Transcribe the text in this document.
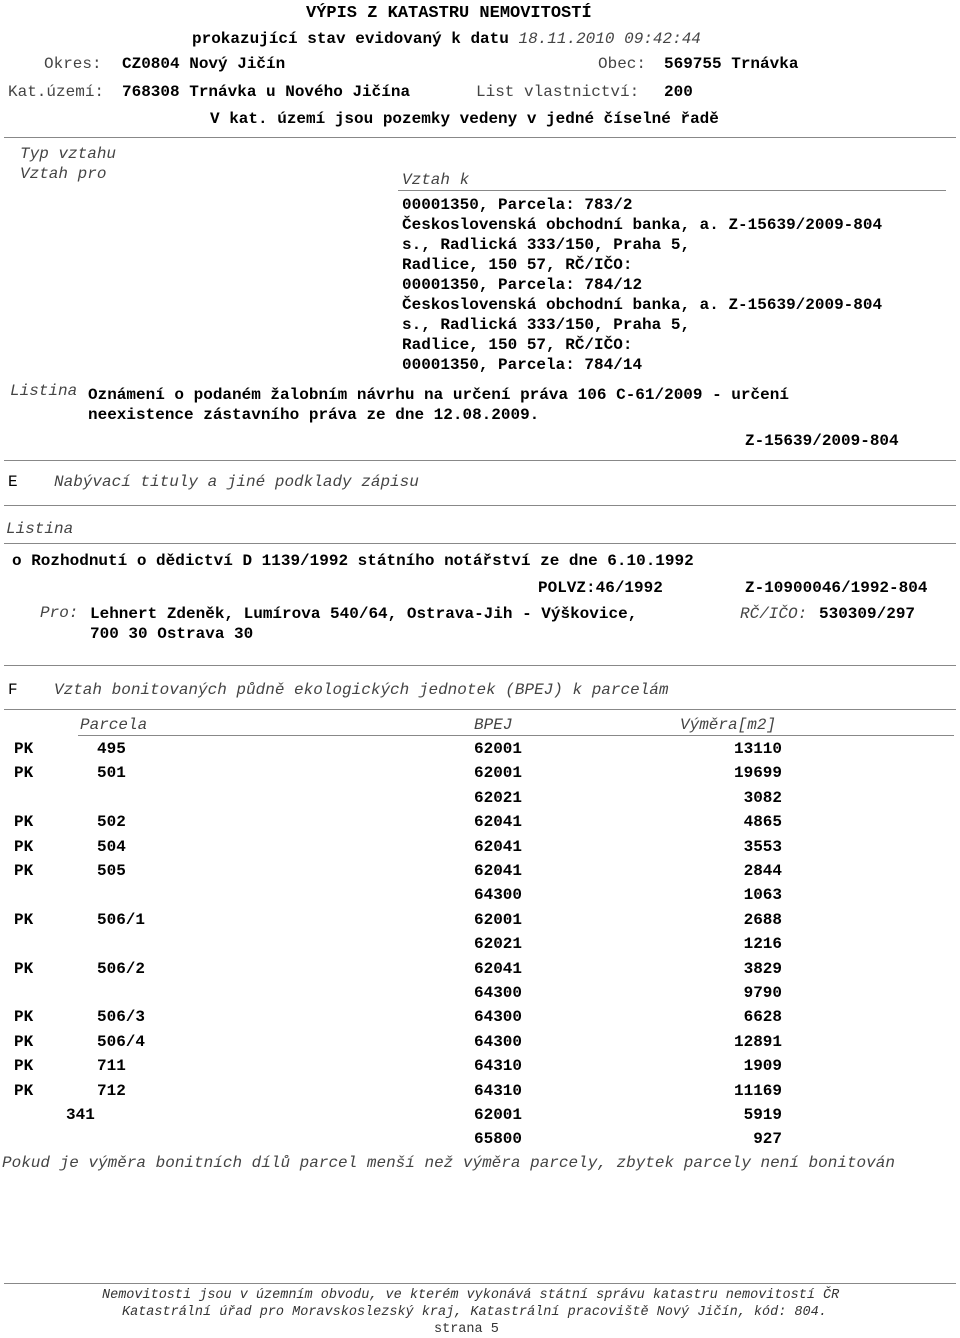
VÝPIS Z KATASTRU NEMOVITOSTÍ
prokazující stav evidovaný k datu 18.11.2010 09:42:44
Okres: CZ0804 Nový Jičín	Obec: 569755 Trnávka
Kat.území: 768308 Trnávka u Nového Jičína	List vlastnictví: 200
V kat. území jsou pozemky vedeny v jedné číselné řadě
Typ vztahu
Vztah pro	Vztah k
00001350, Parcela: 783/2
Československá obchodní banka, a. Z-15639/2009-804
s., Radlická 333/150, Praha 5,
Radlice, 150 57, RČ/IČO:
00001350, Parcela: 784/12
Československá obchodní banka, a. Z-15639/2009-804
s., Radlická 333/150, Praha 5,
Radlice, 150 57, RČ/IČO:
00001350, Parcela: 784/14
Listina Oznámení o podaném žalobním návrhu na určení práva 106 C-61/2009 - určení
neexistence zástavního práva ze dne 12.08.2009.
Z-15639/2009-804
E Nabývací tituly a jiné podklady zápisu
Listina
o Rozhodnutí o dědictví D 1139/1992 státního notářství ze dne 6.10.1992
POLVZ:46/1992	Z-10900046/1992-804
Pro: Lehnert Zdeněk, Lumírova 540/64, Ostrava-Jih - Výškovice,
700 30 Ostrava 30
RČ/IČO: 530309/297
F Vztah bonitovaných půdně ekologických jednotek (BPEJ) k parcelám
Parcela	BPEJ	Výměra[m2]
PK	495	62001	13110
PK	501	62001	19699
62021	3082
PK	502	62041	4865
PK	504	62041	3553
PK	505	62041	2844
64300	1063
PK	506/1	62001	2688
62021	1216
PK	506/2	62041	3829
64300	9790
PK	506/3	64300	6628
PK	506/4	64300	12891
PK	711	64310	1909
PK	712	64310	11169
341	62001	5919
65800	927
Pokud je výměra bonitních dílů parcel menší než výměra parcely, zbytek parcely není bonitován
Nemovitosti jsou v územním obvodu, ve kterém vykonává státní správu katastru nemovitostí ČR
Katastrální úřad pro Moravskoslezský kraj, Katastrální pracoviště Nový Jičín, kód: 804.
strana 5
